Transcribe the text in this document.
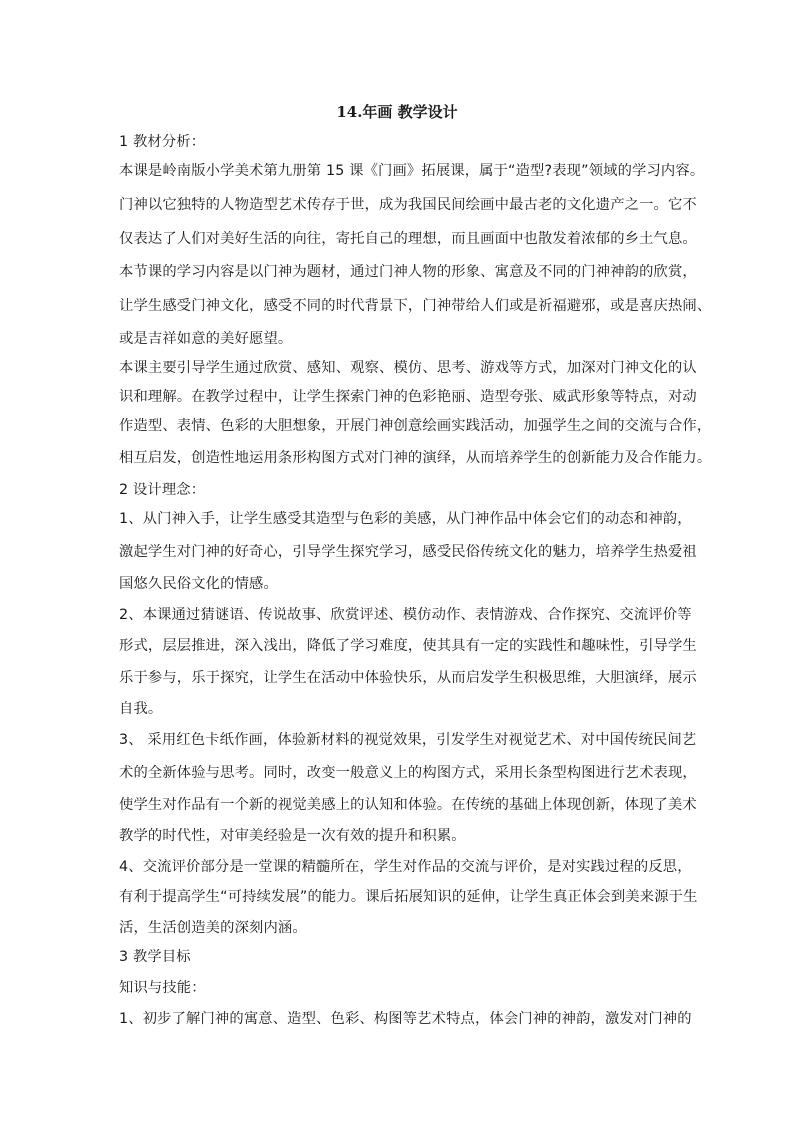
14.年画 教学设计
1 教材分析：
本课是岭南版小学美术第九册第 15 课《门画》拓展课，属于“造型?表现”领域的学习内容。
门神以它独特的人物造型艺术传存于世，成为我国民间绘画中最古老的文化遗产之一。它不
仅表达了人们对美好生活的向往，寄托自己的理想，而且画面中也散发着浓郁的乡土气息。
本节课的学习内容是以门神为题材，通过门神人物的形象、寓意及不同的门神神韵的欣赏，
让学生感受门神文化，感受不同的时代背景下，门神带给人们或是祈福避邪，或是喜庆热闹、
或是吉祥如意的美好愿望。
本课主要引导学生通过欣赏、感知、观察、模仿、思考、游戏等方式，加深对门神文化的认
识和理解。在教学过程中，让学生探索门神的色彩艳丽、造型夸张、威武形象等特点，对动
作造型、表情、色彩的大胆想象，开展门神创意绘画实践活动，加强学生之间的交流与合作，
相互启发，创造性地运用条形构图方式对门神的演绎，从而培养学生的创新能力及合作能力。
2 设计理念：
1、从门神入手，让学生感受其造型与色彩的美感，从门神作品中体会它们的动态和神韵，
激起学生对门神的好奇心，引导学生探究学习，感受民俗传统文化的魅力，培养学生热爱祖
国悠久民俗文化的情感。
2、本课通过猜谜语、传说故事、欣赏评述、模仿动作、表情游戏、合作探究、交流评价等
形式，层层推进，深入浅出，降低了学习难度，使其具有一定的实践性和趣味性，引导学生
乐于参与，乐于探究，让学生在活动中体验快乐，从而启发学生积极思维，大胆演绎，展示
自我。
3、 采用红色卡纸作画，体验新材料的视觉效果，引发学生对视觉艺术、对中国传统民间艺
术的全新体验与思考。同时，改变一般意义上的构图方式，采用长条型构图进行艺术表现，
使学生对作品有一个新的视觉美感上的认知和体验。在传统的基础上体现创新，体现了美术
教学的时代性，对审美经验是一次有效的提升和积累。
4、交流评价部分是一堂课的精髓所在，学生对作品的交流与评价，是对实践过程的反思，
有利于提高学生“可持续发展”的能力。课后拓展知识的延伸，让学生真正体会到美来源于生
活，生活创造美的深刻内涵。
3 教学目标
知识与技能：
1、初步了解门神的寓意、造型、色彩、构图等艺术特点，体会门神的神韵，激发对门神的
